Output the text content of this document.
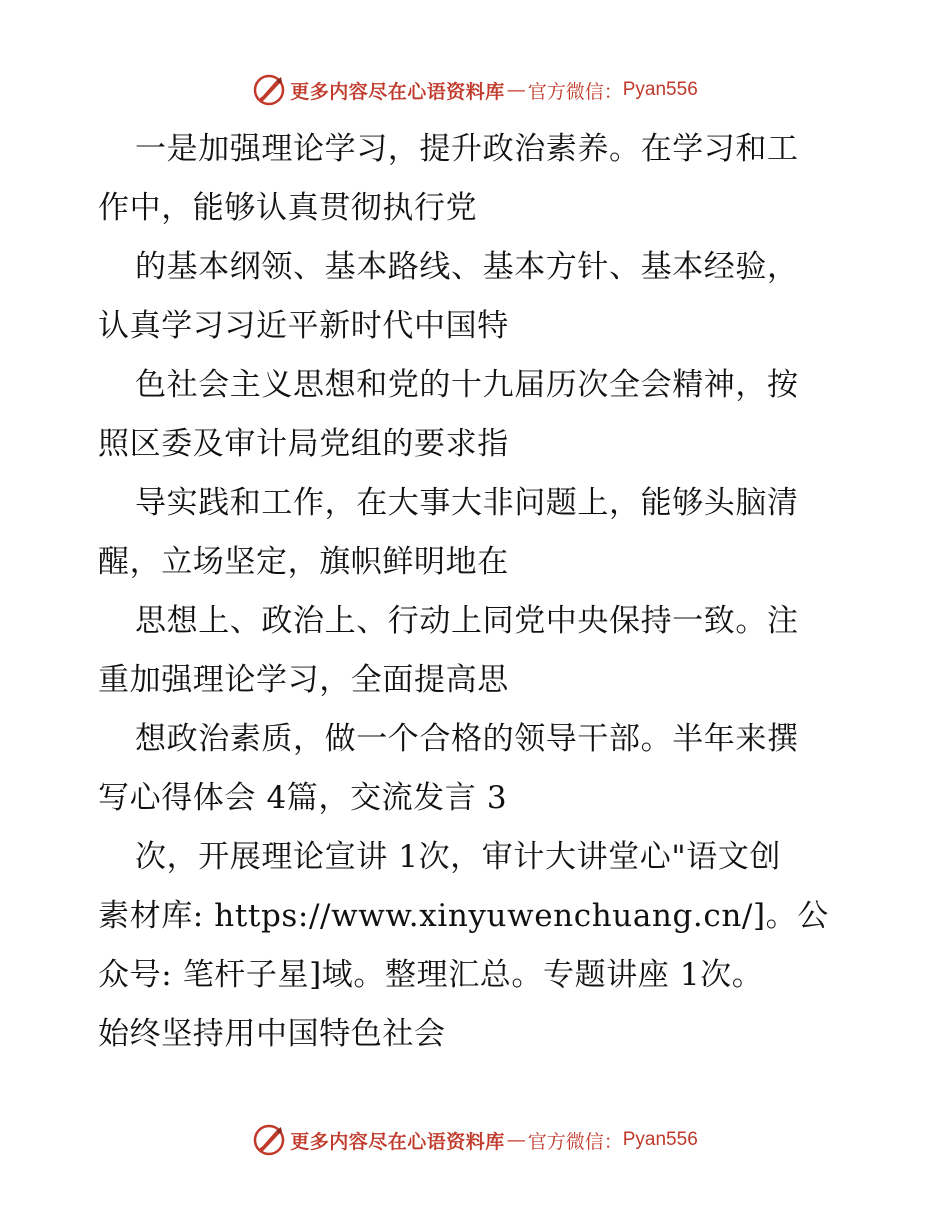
更多内容尽在心语资料库 — 官方微信： Pyan556
一是加强理论学习，提升政治素养。在学习和工
作中，能够认真贯彻执行党
的基本纲领、基本路线、基本方针、基本经验，
认真学习习近平新时代中国特
色社会主义思想和党的十九届历次全会精神，按
照区委及审计局党组的要求指
导实践和工作，在大事大非问题上，能够头脑清
醒，立场坚定，旗帜鲜明地在
思想上、政治上、行动上同党中央保持一致。注
重加强理论学习，全面提高思
想政治素质，做一个合格的领导干部。半年来撰
写心得体会 4篇，交流发言 3
次，开展理论宣讲 1次，审计大讲堂心"语文创
素材库: https://www.xinyuwenchuang.cn/]。公
众号: 笔杆子星]域。整理汇总。专题讲座 1次。
始终坚持用中国特色社会
更多内容尽在心语资料库 — 官方微信： Pyan556
